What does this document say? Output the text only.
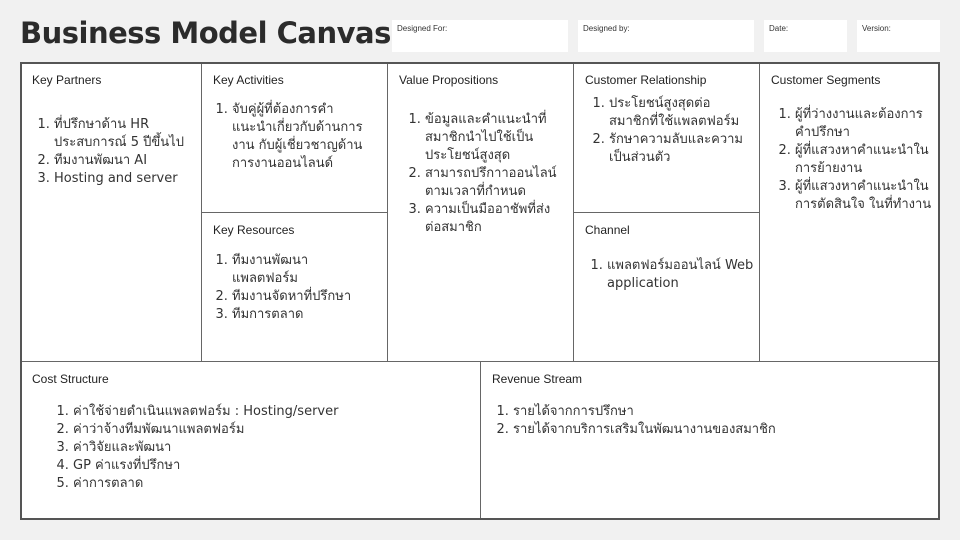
Business Model Canvas Designed For:	Designed by:	Date:	Version:
Key Partners
1. ที่ปรึกษาด้าน HR ประสบการณ์ 5 ปีขึ้นไป
2. ทีมงานพัฒนา AI
3. Hosting and server
Key Activities
1. จับคู่ผู้ที่ต้องการคำแนะนำเกี่ยวกับด้านการงาน กับผู้เชี่ยวชาญด้านการงานออนไลนด์
Key Resources
1. ทีมงานพัฒนาแพลตฟอร์ม
2. ทีมงานจัดหาที่ปรึกษา
3. ทีมการตลาด
Value Propositions
1. ข้อมูลและคำแนะนำที่สมาชิกนำไปใช้เป็นประโยชน์สูงสุด
2. สามารถปรึกาาออนไลน์ตามเวลาที่กำหนด
3. ความเป็นมืออาชัพที่ส่งต่อสมาชิก
Customer Relationship
1. ประโยชน์สูงสุดต่อสมาชิกที่ใช้แพลตฟอร์ม
2. รักษาความลับและความเป็นส่วนตัว
Channel
1. แพลตฟอร์มออนไลน์ Web application
Customer Segments
1. ผู้ที่ว่างงานและต้องการคำปรึกษา
2. ผู้ที่แสวงหาคำแนะนำในการย้ายงาน
3. ผู้ที่แสวงหาคำแนะนำในการตัดสินใจ ในที่ทำงาน
Cost Structure
1. ค่าใช้จ่ายดำเนินแพลตฟอร์ม : Hosting/server
2. ค่าว่าจ้างทีมพัฒนาแพลตฟอร์ม
3. ค่าวิจัยและพัฒนา
4. GP ค่าแรงที่ปรึกษา
5. ค่าการตลาด
Revenue Stream
1. รายได้จากการปรึกษา
2. รายได้จากบริการเสริมในพัฒนางานของสมาชิก
